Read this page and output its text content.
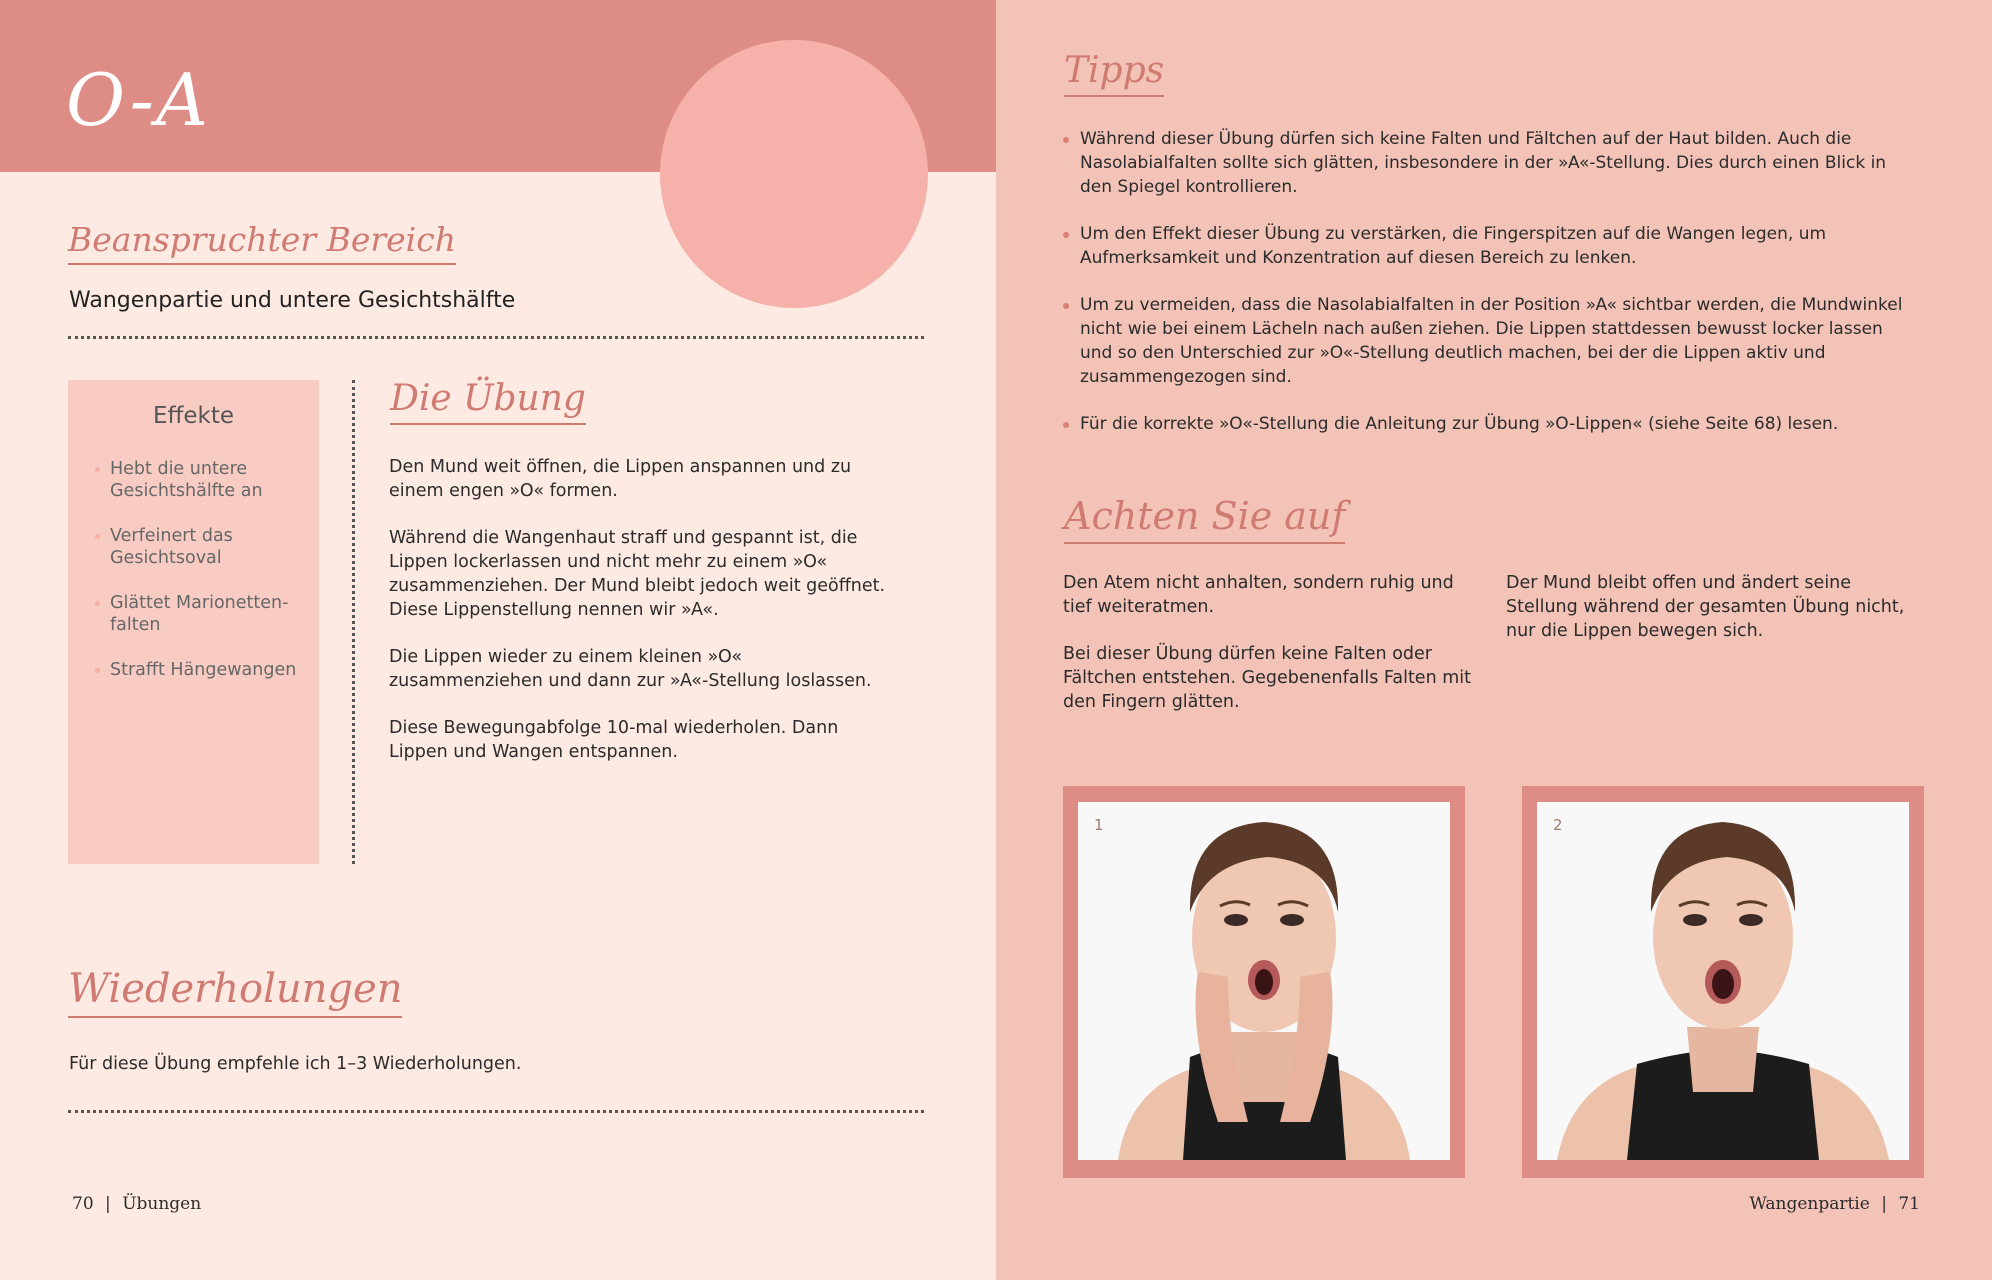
O-A
Beanspruchter Bereich
Wangenpartie und untere Gesichtshälfte
Effekte
Hebt die untere Gesichtshälfte an
Verfeinert das Gesichtsoval
Glättet Marionetten-falten
Strafft Hängewangen
Die Übung

Den Mund weit öffnen, die Lippen anspannen und zu einem engen »O« formen.

Während die Wangenhaut straff und gespannt ist, die Lippen lockerlassen und nicht mehr zu einem »O« zusammenziehen. Der Mund bleibt jedoch weit geöffnet. Diese Lippenstellung nennen wir »A«.

Die Lippen wieder zu einem kleinen »O« zusammenziehen und dann zur »A«-Stellung loslassen.

Diese Bewegungabfolge 10-mal wiederholen. Dann Lippen und Wangen entspannen.

Wiederholungen
Für diese Übung empfehle ich 1–3 Wiederholungen.
70 | Übungen
Tipps
Während dieser Übung dürfen sich keine Falten und Fältchen auf der Haut bilden. Auch die Nasolabialfalten sollte sich glätten, insbesondere in der »A«-Stellung. Dies durch einen Blick in den Spiegel kontrollieren.
Um den Effekt dieser Übung zu verstärken, die Fingerspitzen auf die Wangen legen, um Aufmerksamkeit und Konzentration auf diesen Bereich zu lenken.
Um zu vermeiden, dass die Nasolabialfalten in der Position »A« sichtbar werden, die Mundwinkel nicht wie bei einem Lächeln nach außen ziehen. Die Lippen stattdessen bewusst locker lassen und so den Unterschied zur »O«-Stellung deutlich machen, bei der die Lippen aktiv und zusammengezogen sind.
Für die korrekte »O«-Stellung die Anleitung zur Übung »O-Lippen« (siehe Seite 68) lesen.
Achten Sie auf

Den Atem nicht anhalten, sondern ruhig und tief weiteratmen.

Bei dieser Übung dürfen keine Falten oder Fältchen entstehen. Gegebenenfalls Falten mit den Fingern glätten.

Der Mund bleibt offen und ändert seine Stellung während der gesamten Übung nicht, nur die Lippen bewegen sich.

1	2
Wangenpartie | 71
